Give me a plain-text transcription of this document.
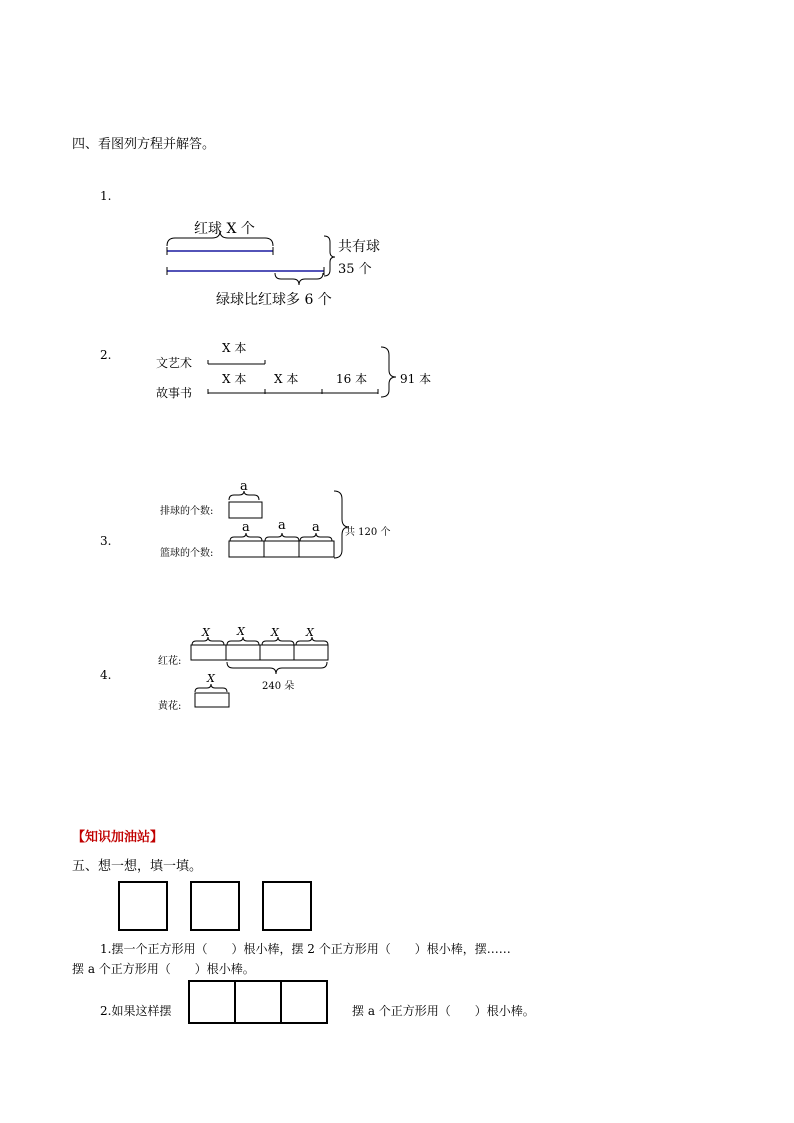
四、看图列方程并解答。
1.
红球 X 个
共有球
35 个
绿球比红球多 6 个
2.
文艺术
故事书
X 本
X 本 X 本	16 本	91 本
3.
排球的个数:
篮球的个数:
a
a a a	共 120 个
4.
红花:
黄花:
X X X X
X
240 朵
【知识加油站】
五、想一想，填一填。
1.摆一个正方形用（　　）根小棒，摆 2 个正方形用（　　）根小棒，摆……
摆 a 个正方形用（　　）根小棒。
2.如果这样摆	摆 a 个正方形用（　　）根小棒。
